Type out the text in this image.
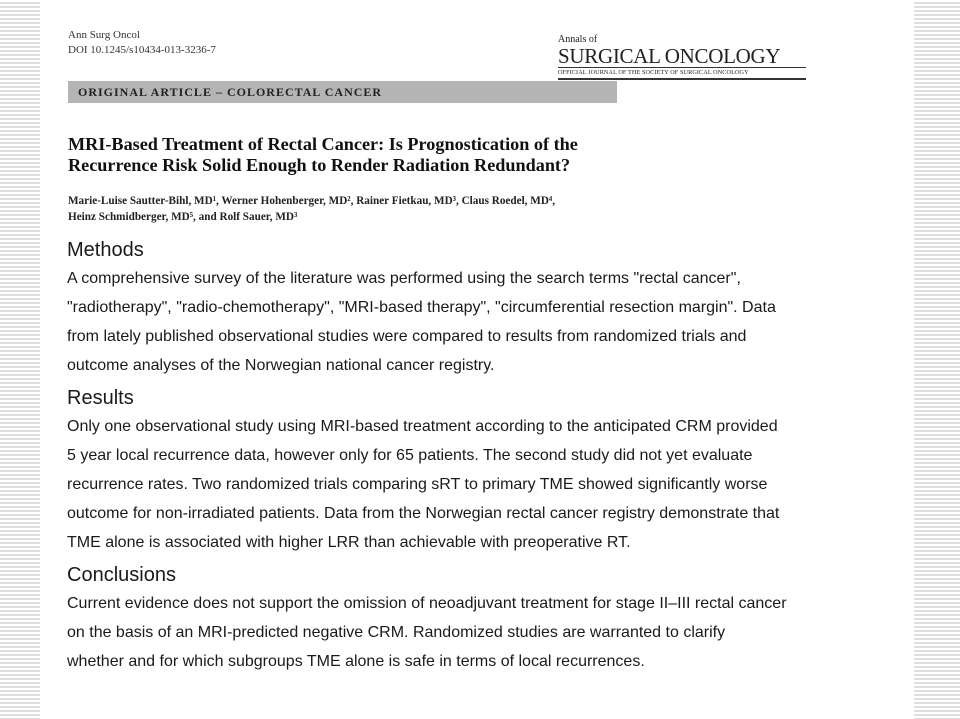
Ann Surg Oncol
DOI 10.1245/s10434-013-3236-7
Annals of
SURGICAL ONCOLOGY
OFFICIAL JOURNAL OF THE SOCIETY OF SURGICAL ONCOLOGY
ORIGINAL ARTICLE – COLORECTAL CANCER
MRI-Based Treatment of Rectal Cancer: Is Prognostication of the
Recurrence Risk Solid Enough to Render Radiation Redundant?
Marie-Luise Sautter-Bihl, MD¹, Werner Hohenberger, MD², Rainer Fietkau, MD³, Claus Roedel, MD⁴,
Heinz Schmidberger, MD⁵, and Rolf Sauer, MD³
Methods
A comprehensive survey of the literature was performed using the search terms "rectal cancer",
"radiotherapy", "radio-chemotherapy", "MRI-based therapy", "circumferential resection margin". Data
from lately published observational studies were compared to results from randomized trials and
outcome analyses of the Norwegian national cancer registry.
Results
Only one observational study using MRI-based treatment according to the anticipated CRM provided
5 year local recurrence data, however only for 65 patients. The second study did not yet evaluate
recurrence rates. Two randomized trials comparing sRT to primary TME showed significantly worse
outcome for non-irradiated patients. Data from the Norwegian rectal cancer registry demonstrate that
TME alone is associated with higher LRR than achievable with preoperative RT.
Conclusions
Current evidence does not support the omission of neoadjuvant treatment for stage II–III rectal cancer
on the basis of an MRI-predicted negative CRM. Randomized studies are warranted to clarify
whether and for which subgroups TME alone is safe in terms of local recurrences.
